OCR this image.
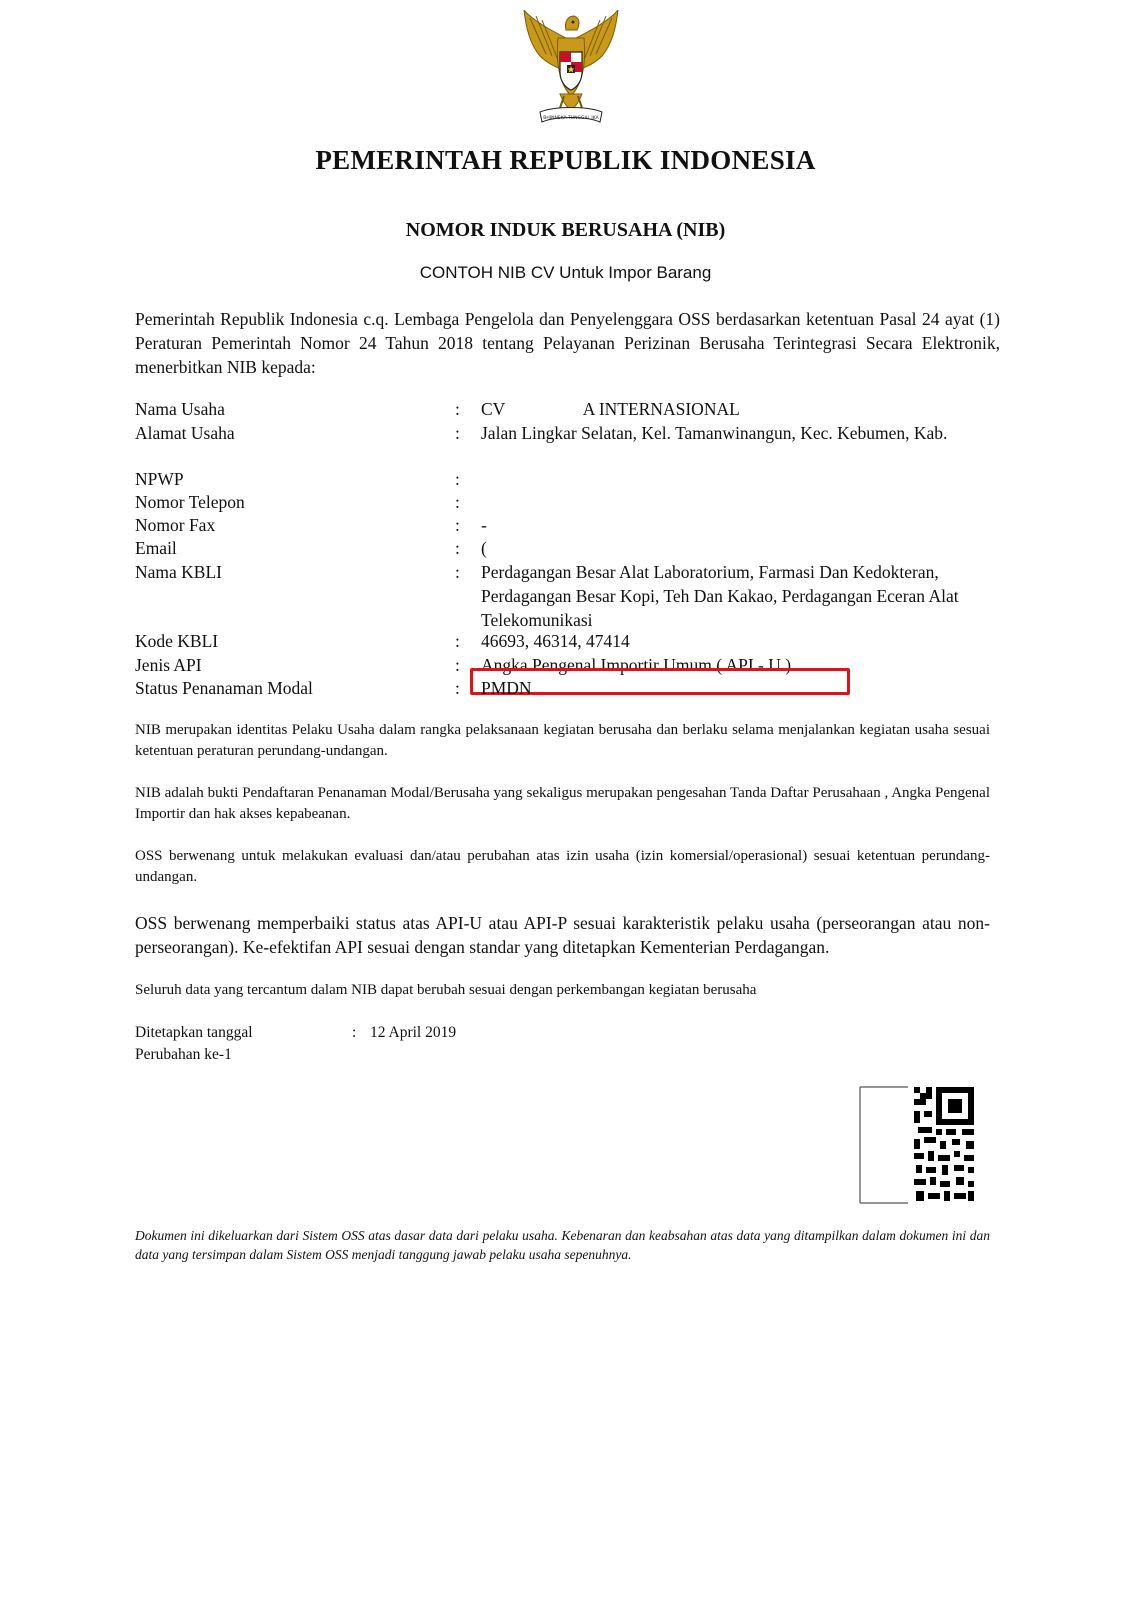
BHINNEKA TUNGGAL IKA
PEMERINTAH REPUBLIK INDONESIA
NOMOR INDUK BERUSAHA (NIB)
CONTOH NIB CV Untuk Impor Barang
Pemerintah Republik Indonesia c.q. Lembaga Pengelola dan Penyelenggara OSS berdasarkan ketentuan Pasal 24 ayat (1) Peraturan Pemerintah Nomor 24 Tahun 2018 tentang Pelayanan Perizinan Berusaha Terintegrasi Secara Elektronik, menerbitkan NIB kepada:
Nama Usaha	: CV                  A INTERNASIONAL
Alamat Usaha	: Jalan Lingkar Selatan, Kel. Tamanwinangun, Kec. Kebumen, Kab.
NPWP	:
Nomor Telepon	:
Nomor Fax	: -
Email	: (
Nama KBLI	: Perdagangan Besar Alat Laboratorium, Farmasi Dan Kedokteran, Perdagangan Besar Kopi, Teh Dan Kakao, Perdagangan Eceran Alat Telekomunikasi
Kode KBLI	: 46693, 46314, 47414
Jenis API	: Angka Pengenal Importir Umum ( API - U )
Status Penanaman Modal	: PMDN
NIB merupakan identitas Pelaku Usaha dalam rangka pelaksanaan kegiatan berusaha dan berlaku selama menjalankan kegiatan usaha sesuai ketentuan peraturan perundang-undangan.
NIB adalah bukti Pendaftaran Penanaman Modal/Berusaha yang sekaligus merupakan pengesahan Tanda Daftar Perusahaan , Angka Pengenal Importir dan hak akses kepabeanan.
OSS berwenang untuk melakukan evaluasi dan/atau perubahan atas izin usaha (izin komersial/operasional) sesuai ketentuan perundang-undangan.
OSS berwenang memperbaiki status atas API-U atau API-P sesuai karakteristik pelaku usaha (perseorangan atau non-perseorangan). Ke-efektifan API sesuai dengan standar yang ditetapkan Kementerian Perdagangan.
Seluruh data yang tercantum dalam NIB dapat berubah sesuai dengan perkembangan kegiatan berusaha
Ditetapkan tanggal	: 12 April 2019
Perubahan ke-1
Dokumen ini dikeluarkan dari Sistem OSS atas dasar data dari pelaku usaha. Kebenaran dan keabsahan atas data yang ditampilkan dalam dokumen ini dan data yang tersimpan dalam Sistem OSS menjadi tanggung jawab pelaku usaha sepenuhnya.
